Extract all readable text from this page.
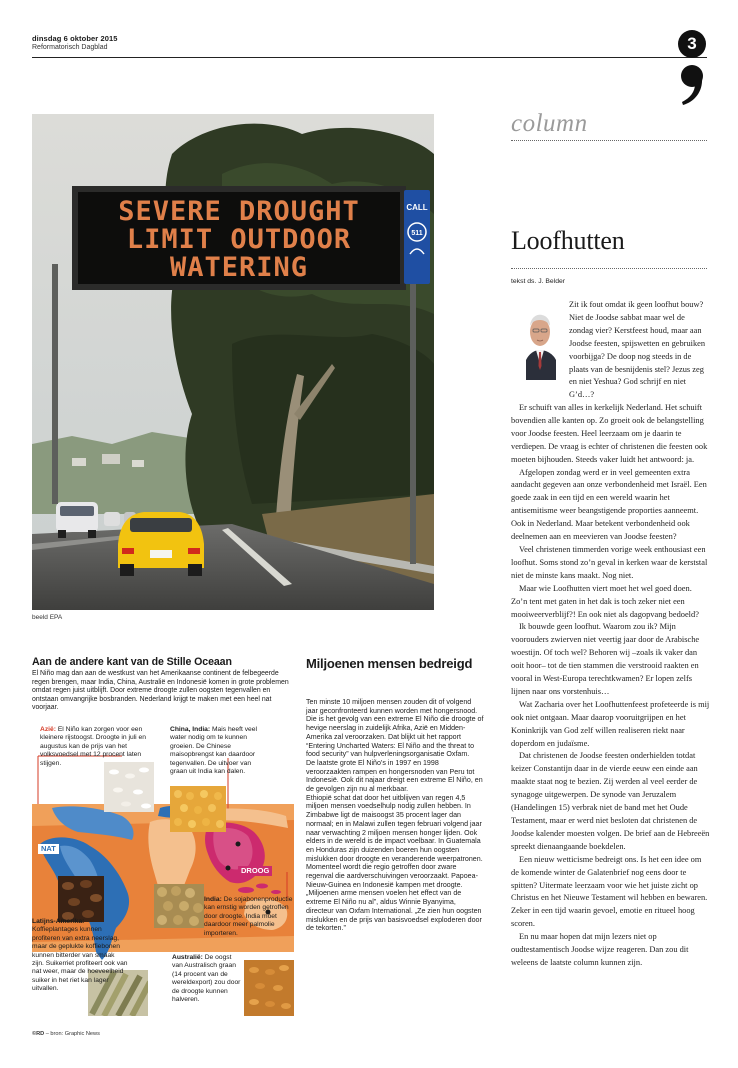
dinsdag 6 oktober 2015
Reformatorisch Dagblad	3
SEVERE DROUGHT
LIMIT OUTDOOR
WATERING
CALL
511
beeld EPA
column
Loofhutten
tekst ds. J. Belder

Zit ik fout omdat ik geen loofhut bouw? Niet de Joodse sabbat maar wel de zondag vier? Kerstfeest houd, maar aan Joodse feesten, spijswetten en gebruiken voorbijga? De doop nog steeds in de plaats van de besnijdenis stel? Jezus zeg en niet Yeshua? God schrijf en niet G’d…?

Er schuift van alles in kerkelijk Nederland. Het schuift bovendien alle kanten op. Zo groeit ook de belangstelling voor Joodse feesten. Heel leerzaam om je daarin te verdiepen. De vraag is echter of christenen die feesten ook moeten bijhouden. Steeds vaker luidt het antwoord: ja.

Afgelopen zondag werd er in veel gemeenten extra aandacht gegeven aan onze verbondenheid met Israël. Een goede zaak in een tijd en een wereld waarin het antisemitisme weer beangstigende proporties aanneemt. Ook in Nederland. Maar betekent verbondenheid ook deelnemen aan en meevieren van Joodse feesten?

Veel christenen timmerden vorige week enthousiast een loofhut. Soms stond zo’n geval in kerken waar de kerststal niet de minste kans maakt. Nog niet.

Maar wie Loofhutten viert moet het wel goed doen. Zo’n tent met gaten in het dak is toch zeker niet een mooiweerverblijf?! En ook niet als dagopvang bedoeld?

Ik bouwde geen loofhut. Waarom zou ik? Mijn voorouders zwierven niet veertig jaar door de Arabische woestijn. Of toch wel? Behoren wij –zoals ik vaker dan ooit hoor– tot de tien stammen die verstrooid raakten en vooral in West-Europa terechtkwamen? Er lopen zelfs lijnen naar ons vorstenhuis…

Wat Zacharia over het Loofhuttenfeest profeteerde is mij ook niet ontgaan. Maar daarop vooruitgrijpen en het Koninkrijk van God zelf willen realiseren riekt naar doperdom en judaïsme.

Dat christenen de Joodse feesten onderhielden totdat keizer Constantijn daar in de vierde eeuw een einde aan maakte staat nog te bezien. Zij werden al veel eerder de synagoge uitgewerpen. De synode van Jeruzalem (Handelingen 15) verbrak niet de band met het Oude Testament, maar er werd niet besloten dat christenen de Joodse kalender moesten volgen. De brief aan de Hebreeën spreekt dienaangaande boekdelen.

Een nieuw wetticisme bedreigt ons. Is het een idee om de komende winter de Galatenbrief nog eens door te spitten? Uitermate leerzaam voor wie het juiste zicht op Christus en het Nieuwe Testament wil hebben en bewaren. Zeker in een tijd waarin gevoel, emotie en ritueel hoog scoren.

En nu maar hopen dat mijn lezers niet op oudtestamentisch Joodse wijze reageren. Dan zou dit weleens de laatste column kunnen zijn.

Aan de andere kant van de Stille Oceaan
El Niño mag dan aan de westkust van het Amerikaanse continent de felbegeerde regen brengen, maar India, China, Australië en Indonesië komen in grote problemen omdat regen juist uitblijft. Door extreme droogte zullen oogsten tegenvallen en ontstaan omvangrijke bosbranden. Nederland krijgt te maken met een heel nat voorjaar.
NAT
DROOG
Azië: El Niño kan zorgen voor een kleinere rijstoogst. Droogte in juli en augustus kan de prijs van het volksvoedsel met 12 procent laten stijgen.
China, India: Mais heeft veel water nodig om te kunnen groeien. De Chinese maisopbrengst kan daardoor tegenvallen. De uitvoer van graan uit India kan dalen.
India: De sojabonenproductie kan ernstig worden getroffen door droogte. India moet daardoor meer palmolie importeren.
Latijns-Amerika: Koffieplantages kunnen profiteren van extra neerslag, maar de geplukte koffiebonen kunnen bitterder van smaak zijn. Suikerriet profiteert ook van nat weer, maar de hoeveelheid suiker in het riet kan lager uitvallen.
Australië: De oogst van Australisch graan (14 procent van de wereldexport) zou door de droogte kunnen halveren.
©RD – bron: Graphic News
Miljoenen mensen bedreigd

Ten minste 10 miljoen mensen zouden dit of volgend jaar geconfronteerd kunnen worden met hongersnood. Die is het gevolg van een extreme El Niño die droogte of hevige neerslag in zuidelijk Afrika, Azië en Midden-Amerika zal veroorzaken. Dat blijkt uit het rapport “Entering Uncharted Waters: El Niño and the threat to food security” van hulpverleningsorganisatie Oxfam.

De laatste grote El Niño’s in 1997 en 1998 veroorzaakten rampen en hongersnoden van Peru tot Indonesië. Ook dit najaar dreigt een extreme El Niño, en de gevolgen zijn nu al merkbaar.

Ethiopië schat dat door het uitblijven van regen 4,5 miljoen mensen voedselhulp nodig zullen hebben. In Zimbabwe ligt de maisoogst 35 procent lager dan normaal; en in Malawi zullen tegen februari volgend jaar naar verwachting 2 miljoen mensen honger lijden. Ook elders in de wereld is de impact voelbaar. In Guatemala en Honduras zijn duizenden boeren hun oogsten mislukken door droogte en veranderende weerpatronen. Momenteel wordt die regio getroffen door zware regenval die aardverschuivingen veroorzaakt. Papoea-Nieuw-Guinea en Indonesië kampen met droogte.

„Miljoenen arme mensen voelen het effect van de extreme El Niño nu al”, aldus Winnie Byanyima, directeur van Oxfam International. „Ze zien hun oogsten mislukken en de prijs van basisvoedsel exploderen door de tekorten.”
